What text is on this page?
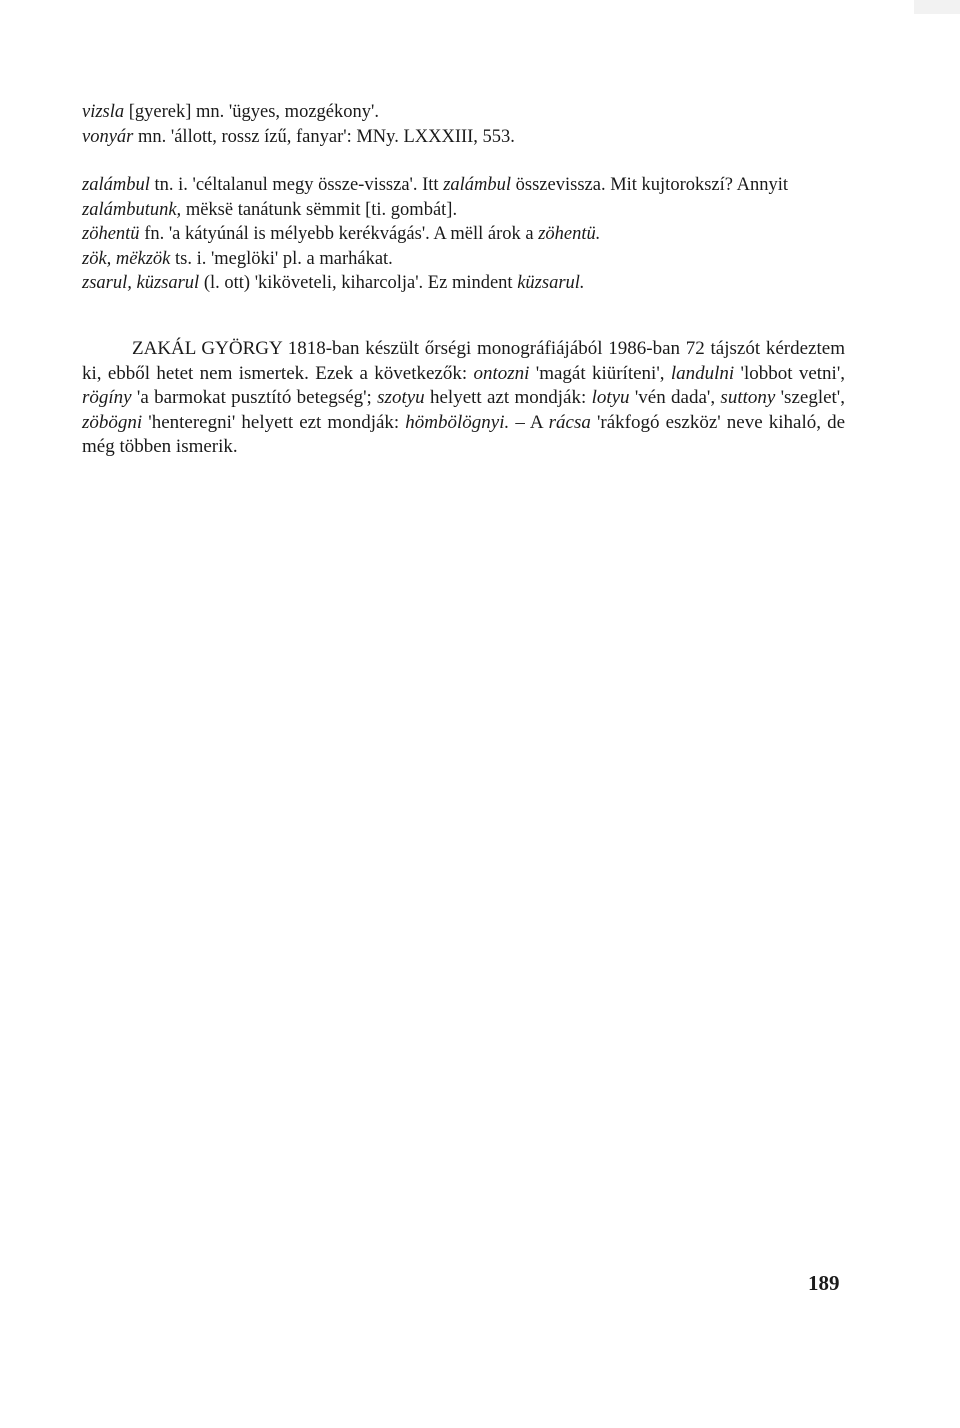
vizsla [gyerek] mn. 'ügyes, mozgékony'.

vonyár mn. 'állott, rossz ízű, fanyar': MNy. LXXXIII, 553.

zalámbul tn. i. 'céltalanul megy össze-vissza'. Itt zalámbul összevissza. Mit kujtorokszí? Annyit zalámbutunk, mëksë tanátunk sëmmit [ti. gombát].

zöhentü fn. 'a kátyúnál is mélyebb kerékvágás'. A mëll árok a zöhentü.

zök, mëkzök ts. i. 'meglöki' pl. a marhákat.

zsarul, küzsarul (l. ott) 'kiköveteli, kiharcolja'. Ez mindent küzsarul.

ZAKÁL GYÖRGY 1818-ban készült őrségi monográfiájából 1986-ban 72 tájszót kérdeztem ki, ebből hetet nem ismertek. Ezek a következők: ontozni 'magát kiüríteni', landulni 'lobbot vetni', rögíny 'a barmokat pusztító betegség'; szotyu helyett azt mondják: lotyu 'vén dada', suttony 'szeglet', zöbögni 'henteregni' helyett ezt mondják: hömbölögnyi. – A rácsa 'rákfogó eszköz' neve kihaló, de még többen ismerik.

189
